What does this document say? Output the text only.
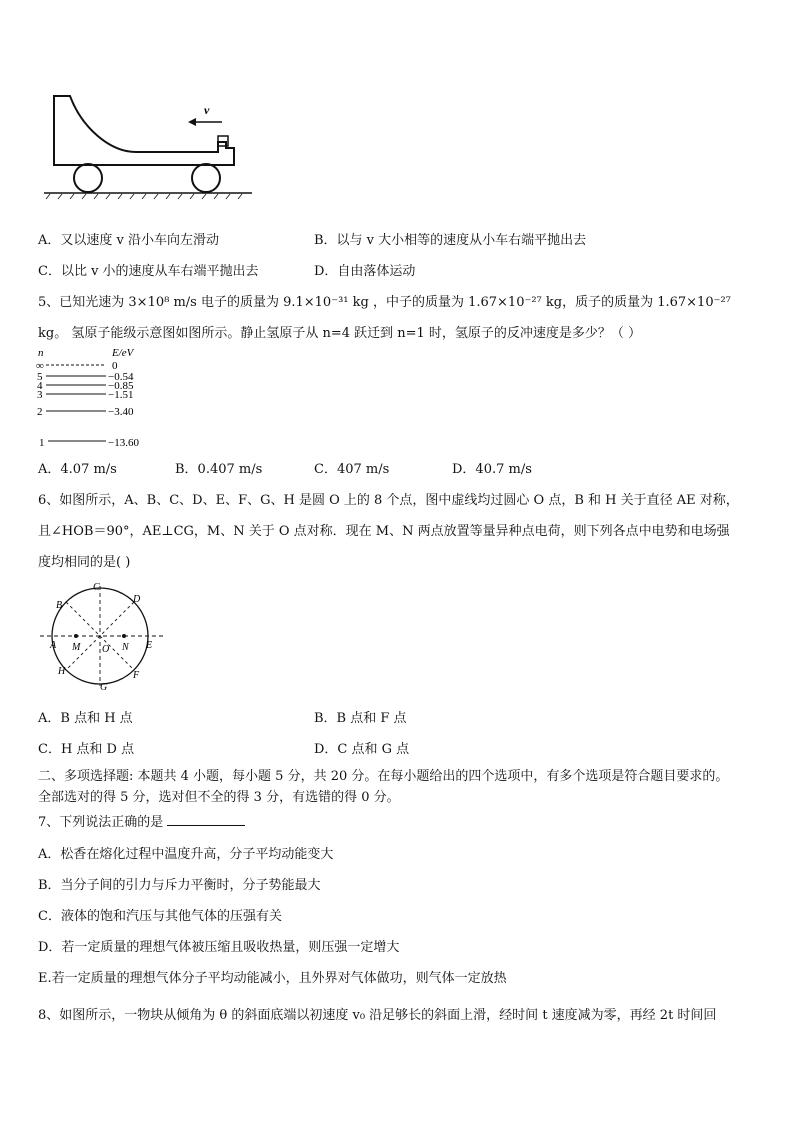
v
A．又以速度 v 沿小车向左滑动	B．以与 v 大小相等的速度从小车右端平抛出去
C．以比 v 小的速度从车右端平抛出去	D．自由落体运动
5、已知光速为 3×10⁸ m/s 电子的质量为 9.1×10⁻³¹ kg ，中子的质量为 1.67×10⁻²⁷ kg，质子的质量为 1.67×10⁻²⁷
kg。 氢原子能级示意图如图所示。静止氢原子从 n=4 跃迁到 n=1 时，氢原子的反冲速度是多少？（ ）
n	E/eV
∞	0
5	−0.54
4	−0.85
3	−1.51
2	−3.40
1	−13.60
A．4.07 m/s	B．0.407 m/s	C．407 m/s	D．40.7 m/s
6、如图所示，A、B、C、D、E、F、G、H 是圆 O 上的 8 个点，图中虚线均过圆心 O 点，B 和 H 关于直径 AE 对称，
且∠HOB＝90°，AE⊥CG，M、N 关于 O 点对称．现在 M、N 两点放置等量异种点电荷，则下列各点中电势和电场强
度均相同的是( )
C
D
B
A M O N E
H	F
G
A．B 点和 H 点	B．B 点和 F 点
C．H 点和 D 点	D．C 点和 G 点
二、多项选择题: 本题共 4 小题，每小题 5 分，共 20 分。在每小题给出的四个选项中，有多个选项是符合题目要求的。
全部选对的得 5 分，选对但不全的得 3 分，有选错的得 0 分。
7、下列说法正确的是
A．松香在熔化过程中温度升高，分子平均动能变大
B．当分子间的引力与斥力平衡时，分子势能最大
C．液体的饱和汽压与其他气体的压强有关
D．若一定质量的理想气体被压缩且吸收热量，则压强一定增大
E.若一定质量的理想气体分子平均动能减小，且外界对气体做功，则气体一定放热
8、如图所示，一物块从倾角为 θ 的斜面底端以初速度 v₀ 沿足够长的斜面上滑，经时间 t 速度减为零，再经 2t 时间回
